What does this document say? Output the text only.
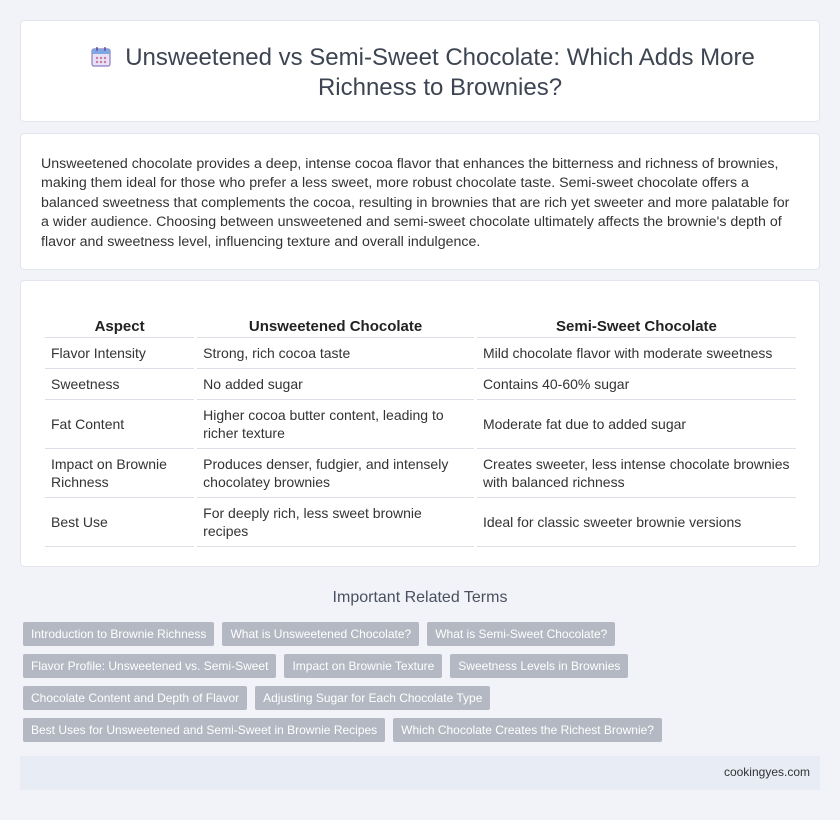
Unsweetened vs Semi-Sweet Chocolate: Which Adds More Richness to Brownies?

Unsweetened chocolate provides a deep, intense cocoa flavor that enhances the bitterness and richness of brownies, making them ideal for those who prefer a less sweet, more robust chocolate taste. Semi-sweet chocolate offers a balanced sweetness that complements the cocoa, resulting in brownies that are rich yet sweeter and more palatable for a wider audience. Choosing between unsweetened and semi-sweet chocolate ultimately affects the brownie's depth of flavor and sweetness level, influencing texture and overall indulgence.

Aspect	Unsweetened Chocolate	Semi-Sweet Chocolate
Flavor Intensity	Strong, rich cocoa taste	Mild chocolate flavor with moderate sweetness
Sweetness	No added sugar	Contains 40-60% sugar
Fat Content	Higher cocoa butter content, leading to richer texture	Moderate fat due to added sugar
Impact on Brownie Richness	Produces denser, fudgier, and intensely chocolatey brownies	Creates sweeter, less intense chocolate brownies with balanced richness
Best Use	For deeply rich, less sweet brownie recipes	Ideal for classic sweeter brownie versions
Important Related Terms
Introduction to Brownie Richness	What is Unsweetened Chocolate?	What is Semi-Sweet Chocolate?
Flavor Profile: Unsweetened vs. Semi-Sweet	Impact on Brownie Texture	Sweetness Levels in Brownies
Chocolate Content and Depth of Flavor	Adjusting Sugar for Each Chocolate Type
Best Uses for Unsweetened and Semi-Sweet in Brownie Recipes	Which Chocolate Creates the Richest Brownie?
cookingyes.com
